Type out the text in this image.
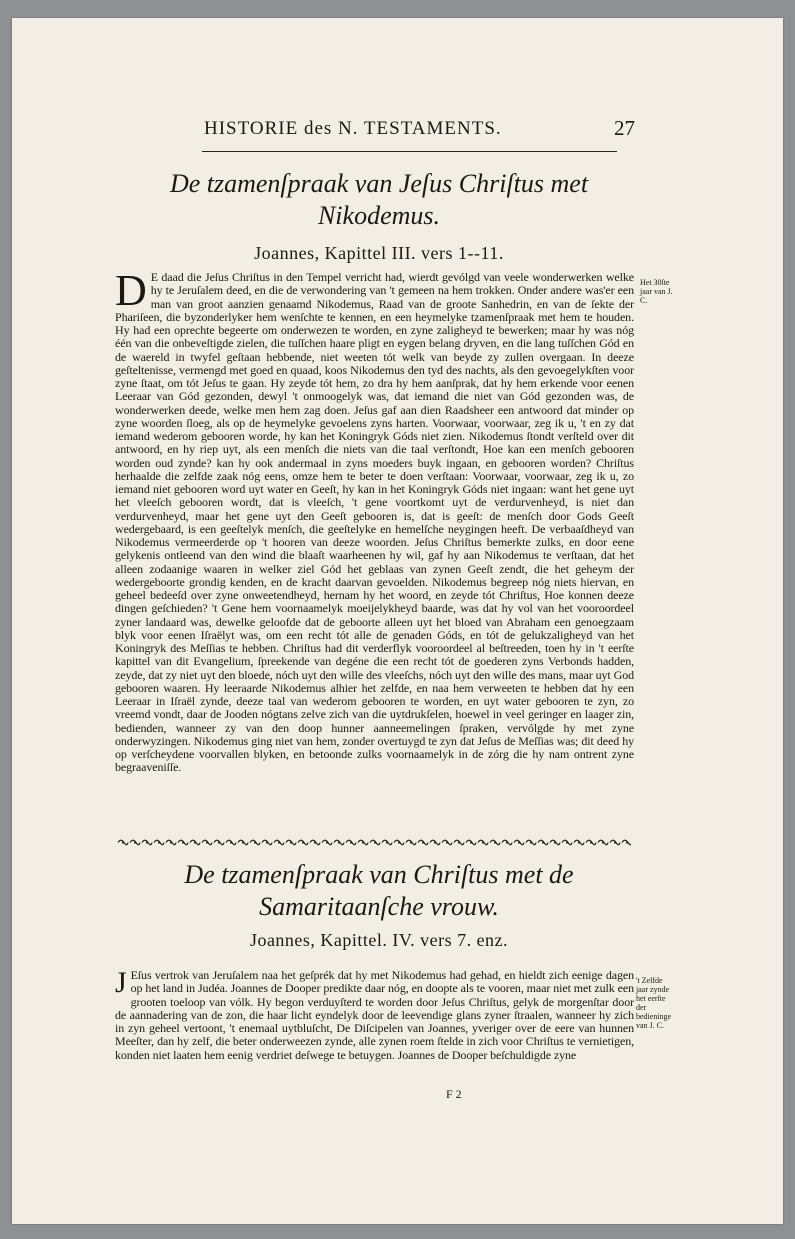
HISTORIE des N. TESTAMENTS.	27
De tzamenſpraak van Jeſus Chriſtus met Nikodemus.
Joannes, Kapittel III. vers 1--11.
D E daad die Jeſus Chriſtus in den Tempel verricht had, wierdt gevólgd van veele wonderwerken welke hy te Jeruſalem deed, en die de verwondering van 't gemeen na hem trokken. Onder andere was'er een man van groot aanzien genaamd Nikodemus, Raad van de groote Sanhedrin, en van de ſekte der Phariſeen, die byzonderlyker hem wenſchte te kennen, en een heymelyke tzamenſpraak met hem te houden. Hy had een oprechte begeerte om onderwezen te worden, en zyne zaligheyd te bewerken; maar hy was nóg één van die onbeveſtigde zielen, die tuſſchen haare pligt en eygen belang dryven, en die lang tuſſchen Gód en de waereld in twyfel geſtaan hebbende, niet weeten tót welk van beyde zy zullen overgaan. In deeze geſteltenisse, vermengd met goed en quaad, koos Nikodemus den tyd des nachts, als den gevoegelykſten voor zyne ſtaat, om tót Jeſus te gaan. Hy zeyde tót hem, zo dra hy hem aanſprak, dat hy hem erkende voor eenen Leeraar van Gód gezonden, dewyl 't onmoogelyk was, dat iemand die niet van Gód gezonden was, de wonderwerken deede, welke men hem zag doen. Jeſus gaf aan dien Raadsheer een antwoord dat minder op zyne woorden ſloeg, als op de heymelyke gevoelens zyns harten. Voorwaar, voorwaar, zeg ik u, 't en zy dat iemand wederom gebooren worde, hy kan het Koningryk Góds niet zien. Nikodemus ſtondt verſteld over dit antwoord, en hy riep uyt, als een menſch die niets van die taal verſtondt, Hoe kan een menſch gebooren worden oud zynde? kan hy ook andermaal in zyns moeders buyk ingaan, en gebooren worden? Chriſtus herhaalde die zelfde zaak nóg eens, omze hem te beter te doen verſtaan: Voorwaar, voorwaar, zeg ik u, zo iemand niet gebooren word uyt water en Geeſt, hy kan in het Koningryk Góds niet ingaan: want het gene uyt het vleeſch gebooren wordt, dat is vleeſch, 't gene voortkomt uyt de verdurvenheyd, is niet dan verdurvenheyd, maar het gene uyt den Geeſt gebooren is, dat is geeſt: de menſch door Gods Geeſt wedergebaard, is een geeſtelyk menſch, die geeſtelyke en hemelſche neygingen heeft. De verbaaſdheyd van Nikodemus vermeerderde op 't hooren van deeze woorden. Jeſus Chriſtus bemerkte zulks, en door eene gelykenis ontleend van den wind die blaaſt waarheenen hy wil, gaf hy aan Nikodemus te verſtaan, dat het alleen zodaanige waaren in welker ziel Gód het geblaas van zynen Geeſt zendt, die het geheym der wedergeboorte grondig kenden, en de kracht daarvan gevoelden. Nikodemus begreep nóg niets hiervan, en geheel bedeeſd over zyne onweetendheyd, hernam hy het woord, en zeyde tót Chriſtus, Hoe konnen deeze dingen geſchieden? 't Gene hem voornaamelyk moeijelykheyd baarde, was dat hy vol van het vooroordeel zyner landaard was, dewelke geloofde dat de geboorte alleen uyt het bloed van Abraham een genoegzaam blyk voor eenen Iſraëlyt was, om een recht tót alle de genaden Góds, en tót de gelukzaligheyd van het Koningryk des Meſſias te hebben. Chriſtus had dit verderflyk vooroordeel al beſtreeden, toen hy in 't eerſte kapittel van dit Evangelium, ſpreekende van degéne die een recht tót de goederen zyns Verbonds hadden, zeyde, dat zy niet uyt den bloede, nóch uyt den wille des vleeſchs, nóch uyt den wille des mans, maar uyt God gebooren waaren. Hy leeraarde Nikodemus alhier het zelfde, en naa hem verweeten te hebben dat hy een Leeraar in Iſraël zynde, deeze taal van wederom gebooren te worden, en uyt water gebooren te zyn, zo vreemd vondt, daar de Jooden nógtans zelve zich van die uytdrukſelen, hoewel in veel geringer en laager zin, bedienden, wanneer zy van den doop hunner aanneemelingen ſpraken, vervólgde hy met zyne onderwyzingen. Nikodemus ging niet van hem, zonder overtuygd te zyn dat Jeſus de Meſſias was; dit deed hy op verſcheydene voorvallen blyken, en betoonde zulks voornaamelyk in de zórg die hy nam ontrent zyne begraaveniſſe.
Het 30ſte jaar van J. C.
De tzamenſpraak van Chriſtus met de Samaritaanſche vrouw.
Joannes, Kapittel. IV. vers 7. enz.
J Eſus vertrok van Jeruſalem naa het geſprék dat hy met Nikodemus had gehad, en hieldt zich eenige dagen op het land in Judéa. Joannes de Dooper predikte daar nóg, en doopte als te vooren, maar niet met zulk een grooten toeloop van vólk. Hy begon verduyſterd te worden door Jeſus Chriſtus, gelyk de morgenſtar door de aannadering van de zon, die haar licht eyndelyk door de leevendige glans zyner ſtraalen, wanneer hy zich in zyn geheel vertoont, 't enemaal uytbluſcht, De Diſcipelen van Joannes, yveriger over de eere van hunnen Meeſter, dan hy zelf, die beter onderweezen zynde, alle zynen roem ſtelde in zich voor Chriſtus te vernietigen, konden niet laaten hem eenig verdriet deſwege te betuygen. Joannes de Dooper beſchuldigde zyne
't Zelfde jaar zynde het eerſte der bedieninge van J. C.
F 2
